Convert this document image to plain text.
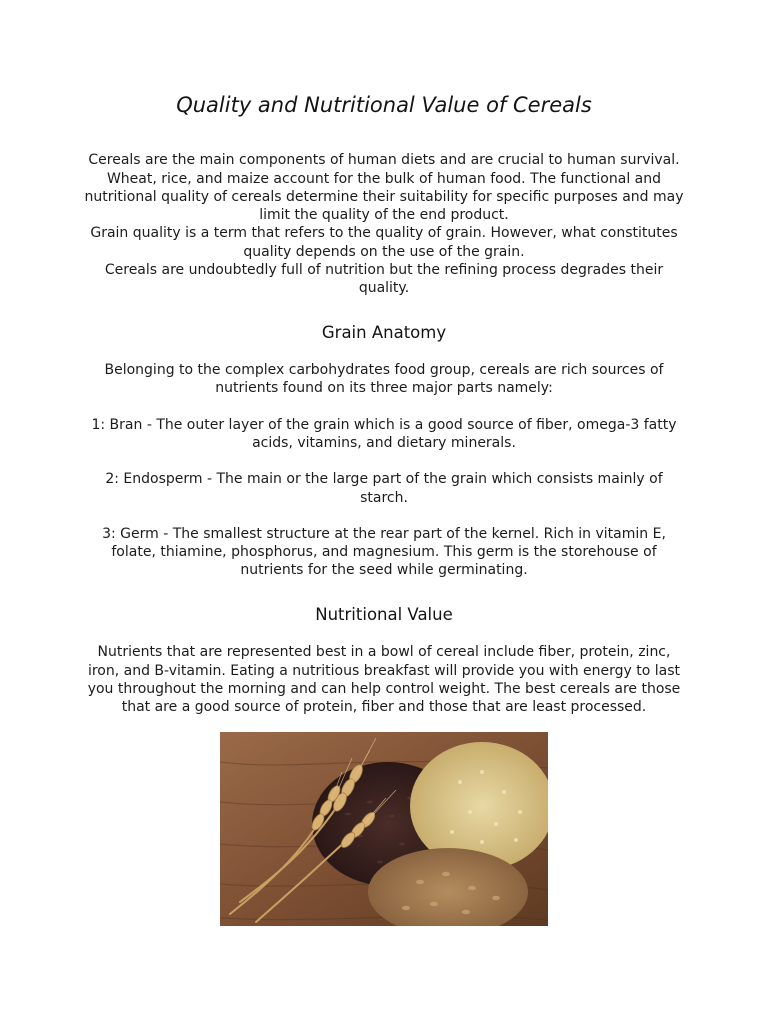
Quality and Nutritional Value of Cereals

Cereals are the main components of human diets and are crucial to human survival. Wheat, rice, and maize account for the bulk of human food. The functional and nutritional quality of cereals determine their suitability for specific purposes and may limit the quality of the end product.

Grain quality is a term that refers to the quality of grain. However, what constitutes quality depends on the use of the grain.

Cereals are undoubtedly full of nutrition but the refining process degrades their quality.

Grain Anatomy

Belonging to the complex carbohydrates food group, cereals are rich sources of nutrients found on its three major parts namely:

1: Bran - The outer layer of the grain which is a good source of fiber, omega-3 fatty acids, vitamins, and dietary minerals.

2: Endosperm - The main or the large part of the grain which consists mainly of starch.

3: Germ - The smallest structure at the rear part of the kernel. Rich in vitamin E, folate, thiamine, phosphorus, and magnesium. This germ is the storehouse of nutrients for the seed while germinating.

Nutritional Value

Nutrients that are represented best in a bowl of cereal include fiber, protein, zinc, iron, and B-vitamin. Eating a nutritious breakfast will provide you with energy to last you throughout the morning and can help control weight. The best cereals are those that are a good source of protein, fiber and those that are least processed.
